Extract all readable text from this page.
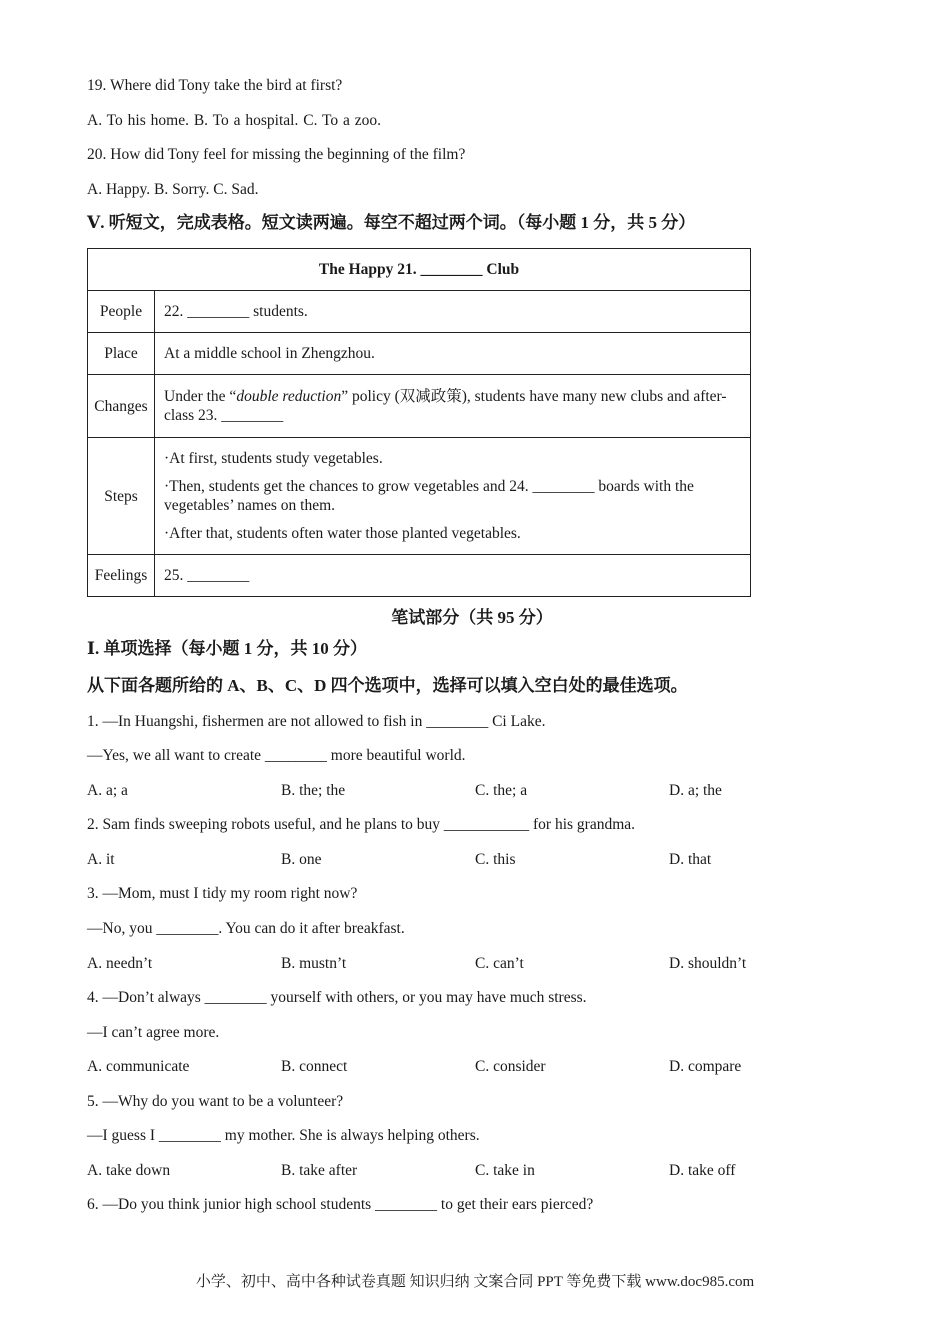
19. Where did Tony take the bird at first?
A. To his home. B. To a hospital. C. To a zoo.
20. How did Tony feel for missing the beginning of the film?
A. Happy. B. Sorry. C. Sad.
Ⅴ. 听短文，完成表格。短文读两遍。每空不超过两个词。（每小题 1 分，共 5 分）
The Happy 21. ________ Club	
People	22. ________ students.
Place	At a middle school in Zhengzhou.
Changes	Under the “double reduction” policy (双减政策), students have many new clubs and after-class 23. ________
Steps	·At first, students study vegetables.
·Then, students get the chances to grow vegetables and 24. ________ boards with the vegetables’ names on them.
·After that, students often water those planted vegetables.

Feelings	25. ________
笔试部分（共 95 分）
Ⅰ. 单项选择（每小题 1 分，共 10 分）
从下面各题所给的 A、B、C、D 四个选项中，选择可以填入空白处的最佳选项。
1. —In Huangshi, fishermen are not allowed to fish in ________ Ci Lake.
—Yes, we all want to create ________ more beautiful world.
A. a; a	B. the; the	C. the; a	D. a; the
2. Sam finds sweeping robots useful, and he plans to buy ___________ for his grandma.
A. it	B. one	C. this	D. that
3. —Mom, must I tidy my room right now?
—No, you ________. You can do it after breakfast.
A. needn’t	B. mustn’t	C. can’t	D. shouldn’t
4. —Don’t always ________ yourself with others, or you may have much stress.
—I can’t agree more.
A. communicate	B. connect	C. consider	D. compare
5. —Why do you want to be a volunteer?
—I guess I ________ my mother. She is always helping others.
A. take down	B. take after	C. take in	D. take off
6. —Do you think junior high school students ________ to get their ears pierced?
小学、初中、高中各种试卷真题 知识归纳 文案合同 PPT 等免费下载 www.doc985.com
